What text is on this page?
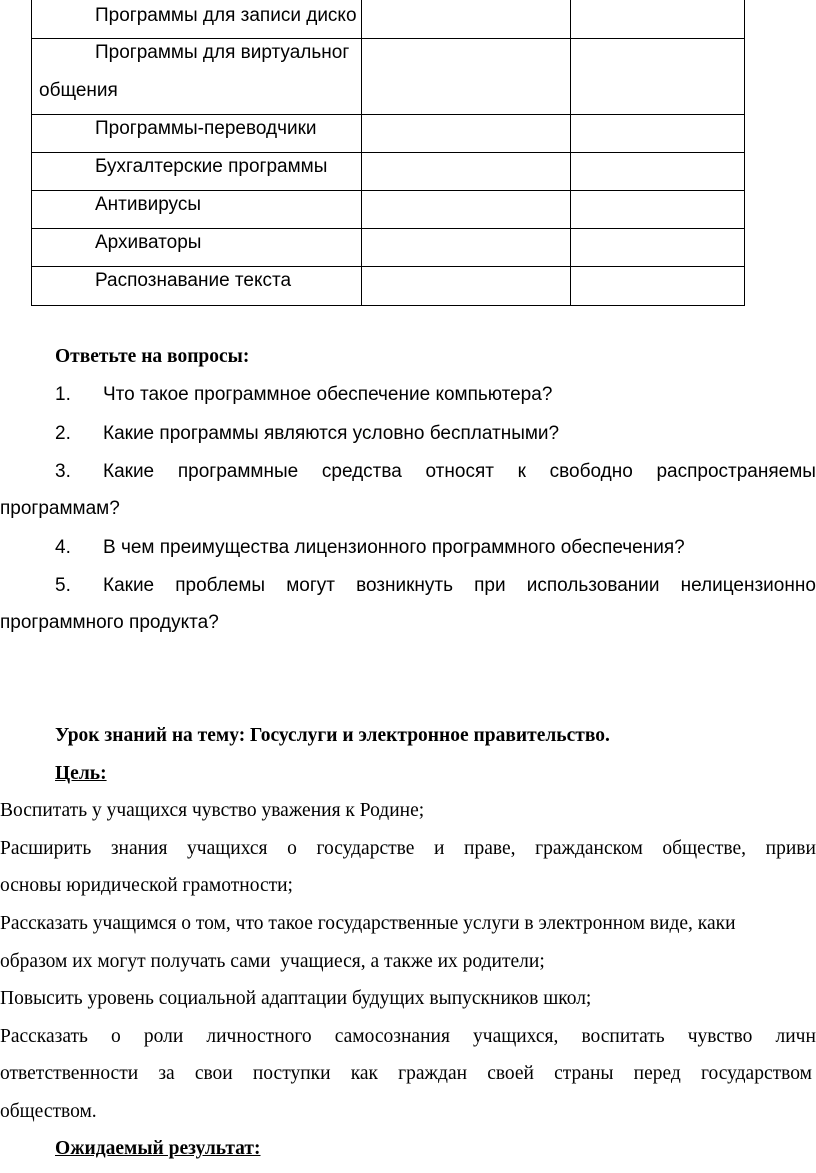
Программы для записи диско
Программы для виртуальног
общения
Программы-переводчики
Бухгалтерские программы
Антивирусы
Архиваторы
Распознавание текста
Ответьте на вопросы:
1. Что такое программное обеспечение компьютера?
2. Какие программы являются условно бесплатными?
3. Какие программные средства относят к свободно распространяемы
программам?
4. В чем преимущества лицензионного программного обеспечения?
5. Какие проблемы могут возникнуть при использовании нелицензионно
программного продукта?
Урок знаний на тему: Госуслуги и электронное правительство.
Цель:
Воспитать у учащихся чувство уважения к Родине;
Расширить знания учащихся о государстве и праве, гражданском обществе, приви
основы юридической грамотности;
Рассказать учащимся о том, что такое государственные услуги в электронном виде, каки
образом их могут получать сами  учащиеся, а также их родители;
Повысить уровень социальной адаптации будущих выпускников школ;
Рассказать о роли личностного самосознания учащихся, воспитать чувство личн
ответственности за свои поступки как граждан своей страны перед государством
обществом.
Ожидаемый результат:
